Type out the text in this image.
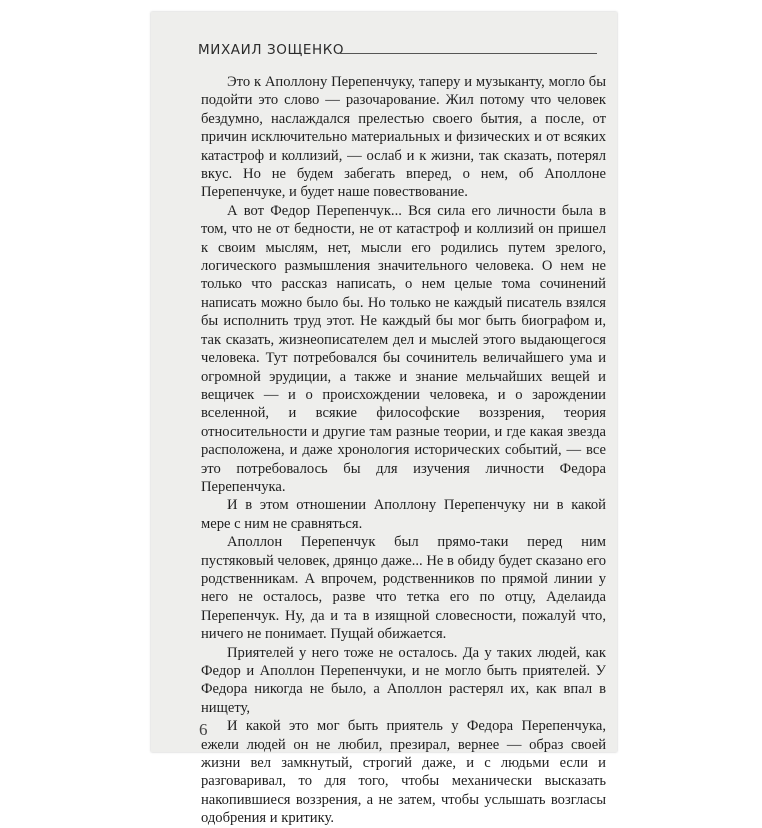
МИХАИЛ ЗОЩЕНКО

Это к Аполлону Перепенчуку, таперу и музыканту, могло бы подойти это слово — разочарование. Жил потому что человек бездумно, наслаждался прелестью своего бытия, а после, от причин исключительно материальных и физических и от всяких катастроф и коллизий, — ослаб и к жизни, так сказать, потерял вкус. Но не будем забегать вперед, о нем, об Аполлоне Перепенчуке, и будет наше повествование.

А вот Федор Перепенчук... Вся сила его личности была в том, что не от бедности, не от катастроф и коллизий он пришел к своим мыслям, нет, мысли его родились путем зрелого, логического размышления значительного человека. О нем не только что рассказ написать, о нем целые тома сочинений написать можно было бы. Но только не каждый писатель взялся бы исполнить труд этот. Не каждый бы мог быть биографом и, так сказать, жизнеописателем дел и мыслей этого выдающегося человека. Тут потребовался бы сочинитель величайшего ума и огромной эрудиции, а также и знание мельчайших вещей и вещичек — и о происхождении человека, и о зарождении вселенной, и всякие философские воззрения, теория относительности и другие там разные теории, и где какая звезда расположена, и даже хронология исторических событий, — все это потребовалось бы для изучения личности Федора Перепенчука.

И в этом отношении Аполлону Перепенчуку ни в какой мере с ним не сравняться.

Аполлон Перепенчук был прямо-таки перед ним пустяковый человек, дрянцо даже... Не в обиду будет сказано его родственникам. А впрочем, родственников по прямой линии у него не осталось, разве что тетка его по отцу, Аделаида Перепенчук. Ну, да и та в изящной словесности, пожалуй что, ничего не понимает. Пущай обижается.

Приятелей у него тоже не осталось. Да у таких людей, как Федор и Аполлон Перепенчуки, и не могло быть приятелей. У Федора никогда не было, а Аполлон растерял их, как впал в нищету,

И какой это мог быть приятель у Федора Перепенчука, ежели людей он не любил, презирал, вернее — образ своей жизни вел замкнутый, строгий даже, и с людьми если и разговаривал, то для того, чтобы механически высказать накопившиеся воззрения, а не затем, чтобы услышать возгласы одобрения и критику.

6
